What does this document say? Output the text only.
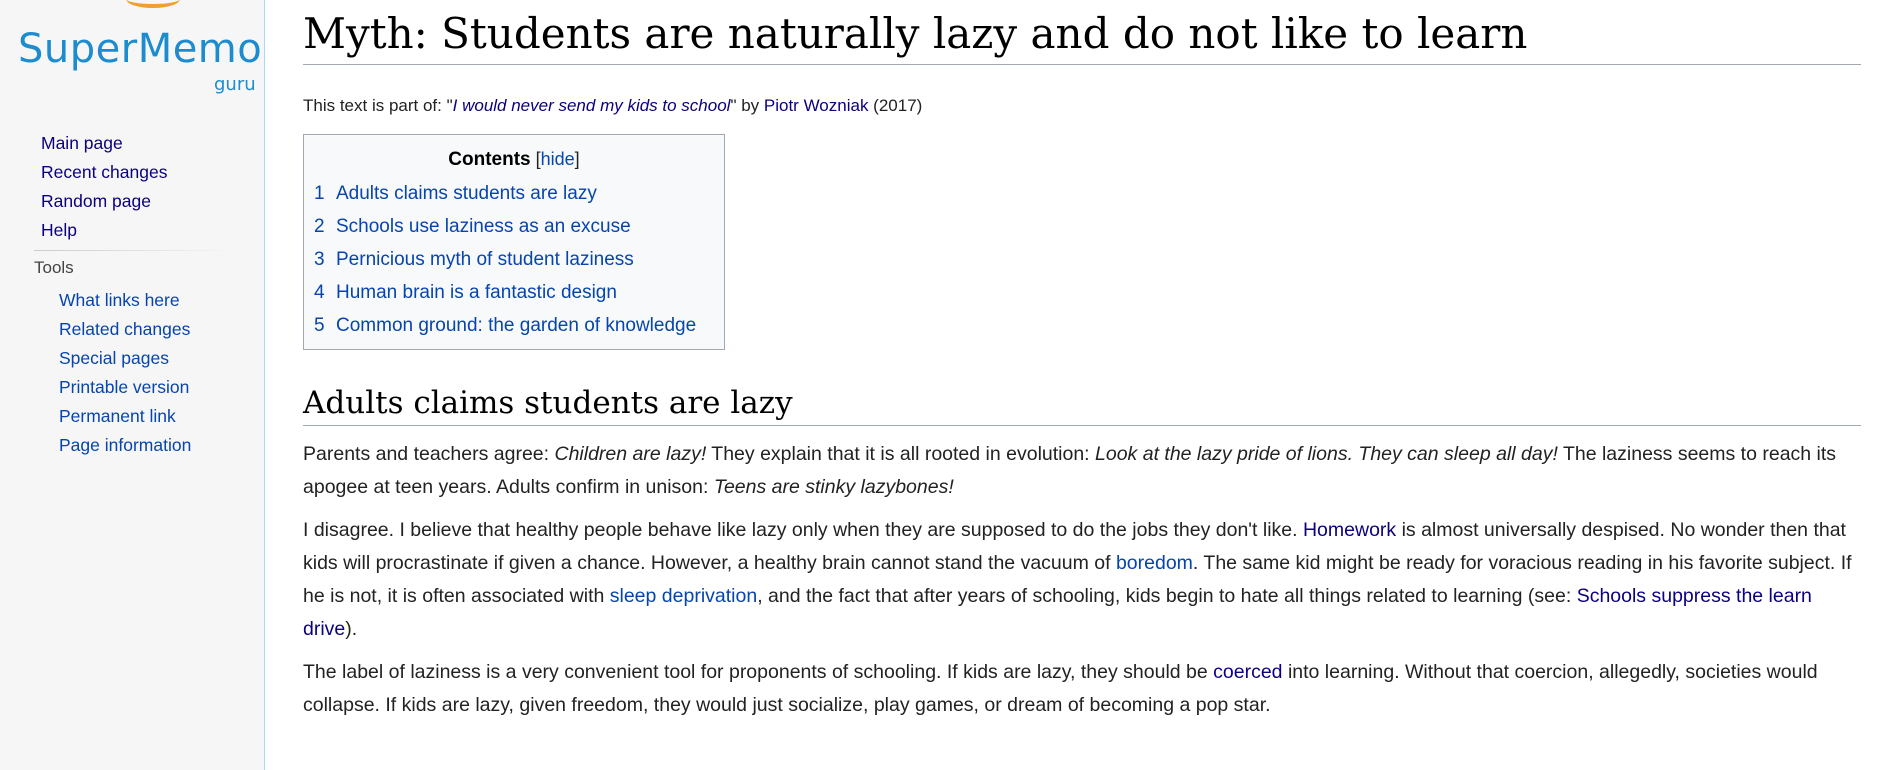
SuperMemo
guru
Main page
Recent changes
Random page
Help
Tools
What links here
Related changes
Special pages
Printable version
Permanent link
Page information
Myth: Students are naturally lazy and do not like to learn
This text is part of: "I would never send my kids to school" by Piotr Wozniak (2017)
Contents [hide]
1 Adults claims students are lazy
2 Schools use laziness as an excuse
3 Pernicious myth of student laziness
4 Human brain is a fantastic design
5 Common ground: the garden of knowledge
Adults claims students are lazy

Parents and teachers agree: Children are lazy! They explain that it is all rooted in evolution: Look at the lazy pride of lions. They can sleep all day! The laziness seems to reach its apogee at teen years. Adults confirm in unison: Teens are stinky lazybones!

I disagree. I believe that healthy people behave like lazy only when they are supposed to do the jobs they don't like. Homework is almost universally despised. No wonder then that kids will procrastinate if given a chance. However, a healthy brain cannot stand the vacuum of boredom. The same kid might be ready for voracious reading in his favorite subject. If he is not, it is often associated with sleep deprivation, and the fact that after years of schooling, kids begin to hate all things related to learning (see: Schools suppress the learn drive).

The label of laziness is a very convenient tool for proponents of schooling. If kids are lazy, they should be coerced into learning. Without that coercion, allegedly, societies would collapse. If kids are lazy, given freedom, they would just socialize, play games, or dream of becoming a pop star.
